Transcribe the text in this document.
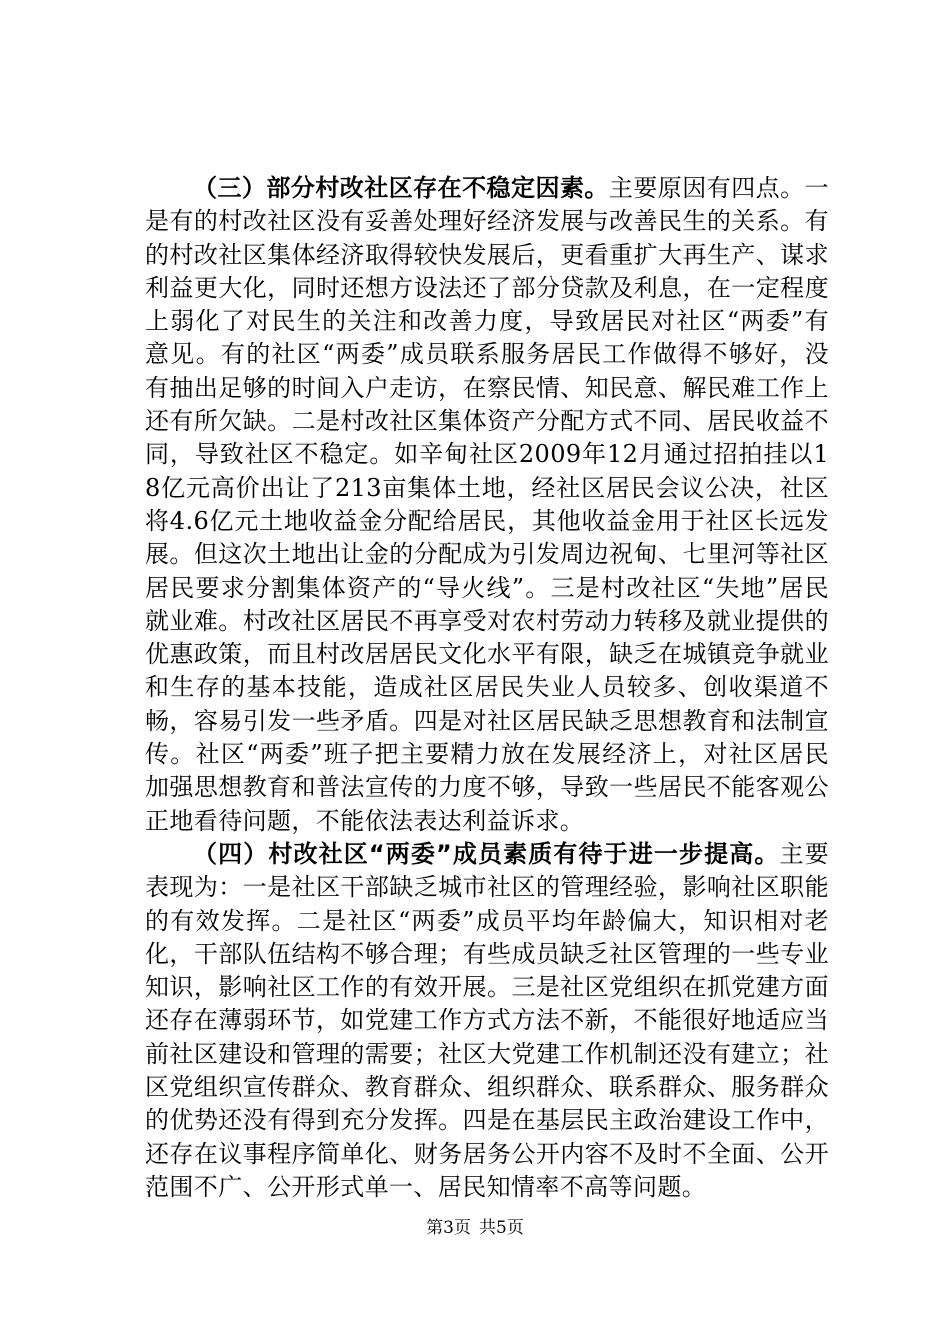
（三）部分村改社区存在不稳定因素。主要原因有四点。一是有的村改社区没有妥善处理好经济发展与改善民生的关系。有的村改社区集体经济取得较快发展后，更看重扩大再生产、谋求利益更大化，同时还想方设法还了部分贷款及利息，在一定程度上弱化了对民生的关注和改善力度，导致居民对社区“两委”有意见。有的社区“两委”成员联系服务居民工作做得不够好，没有抽出足够的时间入户走访，在察民情、知民意、解民难工作上还有所欠缺。二是村改社区集体资产分配方式不同、居民收益不同，导致社区不稳定。如辛甸社区2009年12月通过招拍挂以18亿元高价出让了213亩集体土地，经社区居民会议公决，社区将4.6亿元土地收益金分配给居民，其他收益金用于社区长远发展。但这次土地出让金的分配成为引发周边祝甸、七里河等社区居民要求分割集体资产的“导火线”。三是村改社区“失地”居民就业难。村改社区居民不再享受对农村劳动力转移及就业提供的优惠政策，而且村改居居民文化水平有限，缺乏在城镇竞争就业和生存的基本技能，造成社区居民失业人员较多、创收渠道不畅，容易引发一些矛盾。四是对社区居民缺乏思想教育和法制宣传。社区“两委”班子把主要精力放在发展经济上，对社区居民加强思想教育和普法宣传的力度不够，导致一些居民不能客观公正地看待问题，不能依法表达利益诉求。

（四）村改社区“两委”成员素质有待于进一步提高。主要表现为：一是社区干部缺乏城市社区的管理经验，影响社区职能的有效发挥。二是社区“两委”成员平均年龄偏大，知识相对老化，干部队伍结构不够合理；有些成员缺乏社区管理的一些专业知识，影响社区工作的有效开展。三是社区党组织在抓党建方面还存在薄弱环节，如党建工作方式方法不新，不能很好地适应当前社区建设和管理的需要；社区大党建工作机制还没有建立；社区党组织宣传群众、教育群众、组织群众、联系群众、服务群众的优势还没有得到充分发挥。四是在基层民主政治建设工作中，还存在议事程序简单化、财务居务公开内容不及时不全面、公开范围不广、公开形式单一、居民知情率不高等问题。

第3页 共5页
